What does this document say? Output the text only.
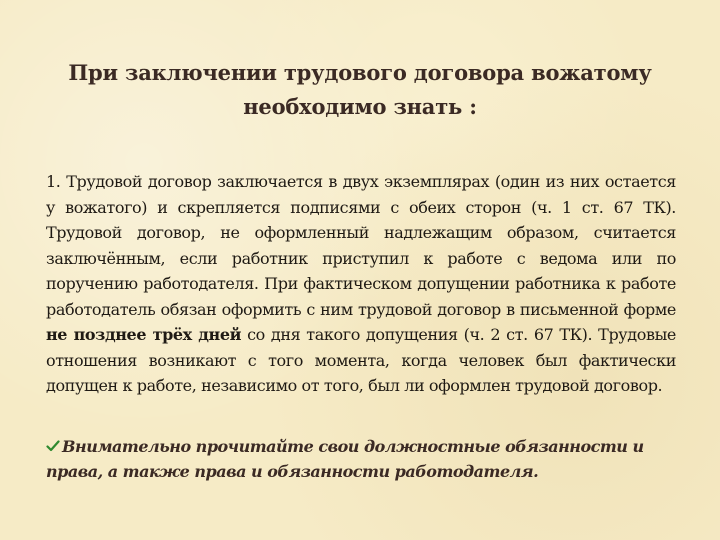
При заключении трудового договора вожатому
необходимо знать :
1. Трудовой договор заключается в двух экземплярах (один из них остается у вожатого) и скрепляется подписями с обеих сторон (ч. 1 ст. 67 ТК). Трудовой договор, не оформленный надлежащим образом, считается заключённым, если работник приступил к работе с ведома или по поручению работодателя. При фактическом допущении работника к работе работодатель обязан оформить с ним трудовой договор в письменной форме не позднее трёх дней со дня такого допущения (ч. 2 ст. 67 ТК). Трудовые отношения возникают с того момента, когда человек был фактически допущен к работе, независимо от того, был ли оформлен трудовой договор.
Внимательно прочитайте свои должностные обязанности и права, а также права и обязанности работодателя.
